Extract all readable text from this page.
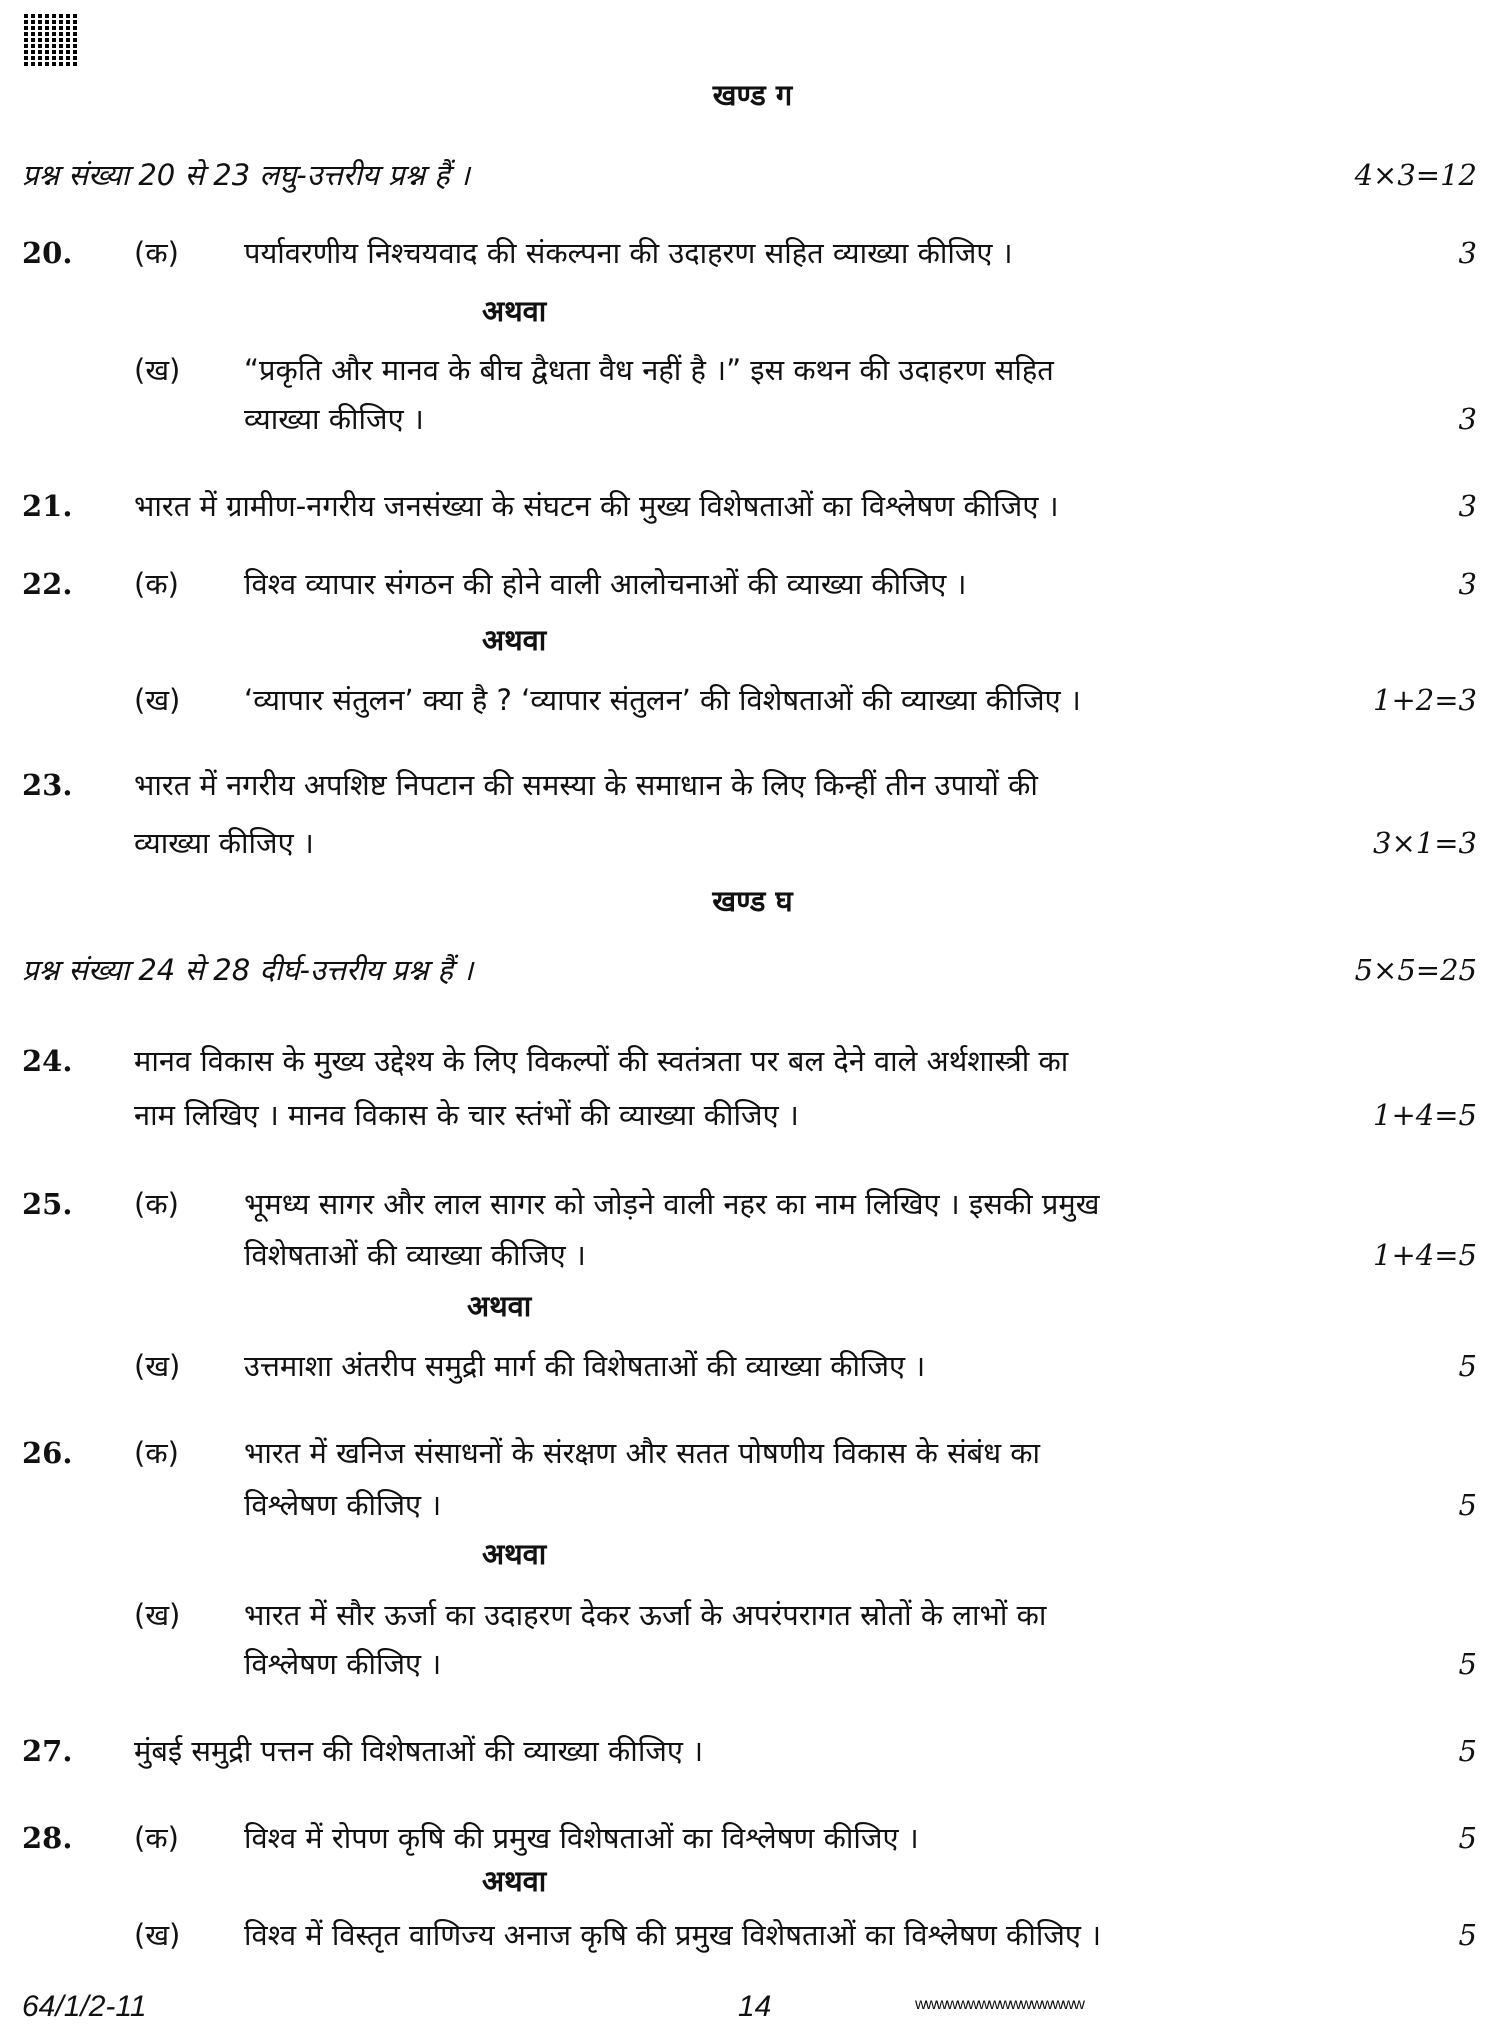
खण्ड ग
प्रश्न संख्या 20 से 23 लघु-उत्तरीय प्रश्न हैं ।	4×3=12
20. (क) पर्यावरणीय निश्चयवाद की संकल्पना की उदाहरण सहित व्याख्या कीजिए ।	3
अथवा
(ख) “प्रकृति और मानव के बीच द्वैधता वैध नहीं है ।” इस कथन की उदाहरण सहित
व्याख्या कीजिए ।	3
21. भारत में ग्रामीण-नगरीय जनसंख्या के संघटन की मुख्य विशेषताओं का विश्लेषण कीजिए ।	3
22. (क) विश्व व्यापार संगठन की होने वाली आलोचनाओं की व्याख्या कीजिए ।	3
अथवा
(ख) ‘व्यापार संतुलन’ क्या है ? ‘व्यापार संतुलन’ की विशेषताओं की व्याख्या कीजिए ।	1+2=3
23. भारत में नगरीय अपशिष्ट निपटान की समस्या के समाधान के लिए किन्हीं तीन उपायों की
व्याख्या कीजिए ।	3×1=3
खण्ड घ
प्रश्न संख्या 24 से 28 दीर्घ-उत्तरीय प्रश्न हैं ।	5×5=25
24. मानव विकास के मुख्य उद्देश्य के लिए विकल्पों की स्वतंत्रता पर बल देने वाले अर्थशास्त्री का
नाम लिखिए । मानव विकास के चार स्तंभों की व्याख्या कीजिए ।	1+4=5
25. (क) भूमध्य सागर और लाल सागर को जोड़ने वाली नहर का नाम लिखिए । इसकी प्रमुख
विशेषताओं की व्याख्या कीजिए ।	1+4=5
अथवा
(ख) उत्तमाशा अंतरीप समुद्री मार्ग की विशेषताओं की व्याख्या कीजिए ।	5
26. (क) भारत में खनिज संसाधनों के संरक्षण और सतत पोषणीय विकास के संबंध का
विश्लेषण कीजिए ।	5
अथवा
(ख) भारत में सौर ऊर्जा का उदाहरण देकर ऊर्जा के अपरंपरागत स्रोतों के लाभों का
विश्लेषण कीजिए ।	5
27. मुंबई समुद्री पत्तन की विशेषताओं की व्याख्या कीजिए ।	5
28. (क) विश्व में रोपण कृषि की प्रमुख विशेषताओं का विश्लेषण कीजिए ।	5
अथवा
(ख) विश्व में विस्तृत वाणिज्य अनाज कृषि की प्रमुख विशेषताओं का विश्लेषण कीजिए ।	5
64/1/2-11	14	wwwwwwwwwwwwwwww
